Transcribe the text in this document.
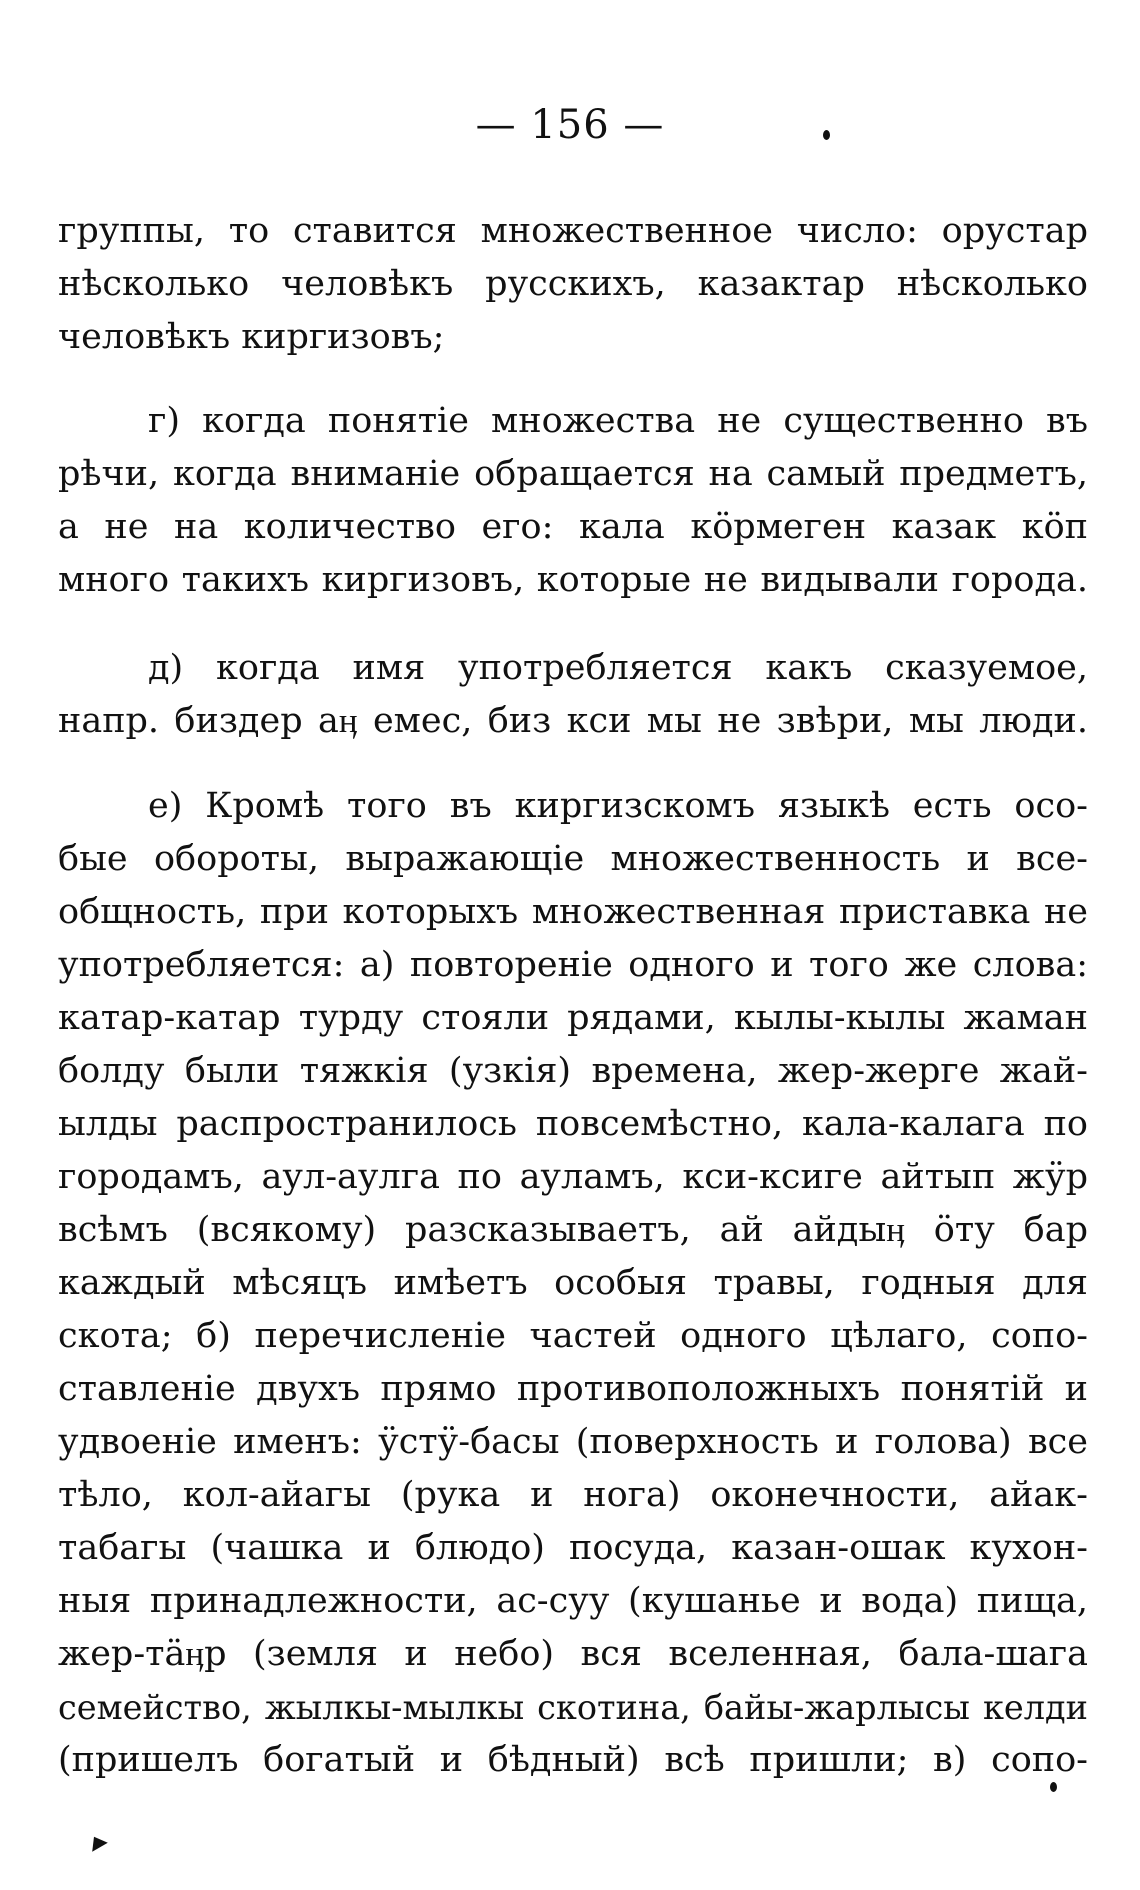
— 156 —
группы, то ставится множественное число: орустар
нѣсколько человѣкъ русскихъ, казактар нѣсколько
человѣкъ киргизовъ;
г) когда понятіе множества не существенно въ
рѣчи, когда вниманіе обращается на самый предметъ,
а не на количество его: кала кӧрмеген казак кӧп
много такихъ киргизовъ, которые не видывали города.
д) когда имя употребляется какъ сказуемое,
напр. биздер аӊ емес, биз кси мы не звѣри, мы люди.
е) Кромѣ того въ киргизскомъ языкѣ есть осо-
бые обороты, выражающіе множественность и все-
общность, при которыхъ множественная приставка не
употребляется: а) повтореніе одного и того же слова:
катар-катар турду стояли рядами, кылы-кылы жаман
болду были тяжкія (узкія) времена, жер-жерге жай-
ылды распространилось повсемѣстно, кала-калага по
городамъ, аул-аулга по ауламъ, кси-ксиге айтып жӱр
всѣмъ (всякому) разсказываетъ, ай айдыӊ ӧту бар
каждый мѣсяцъ имѣетъ особыя травы, годныя для
скота; б) перечисленіе частей одного цѣлаго, сопо-
ставленіе двухъ прямо противоположныхъ понятій и
удвоеніе именъ: ӱстӱ-басы (поверхность и голова) все
тѣло, кол-айагы (рука и нога) оконечности, айак-
табагы (чашка и блюдо) посуда, казан-ошак кухон-
ныя принадлежности, ас-суу (кушанье и вода) пища,
жер-тӓӊр (земля и небо) вся вселенная, бала-шага
семейство, жылкы-мылкы скотина, байы-жарлысы келди
(пришелъ богатый и бѣдный) всѣ пришли; в) сопо-
